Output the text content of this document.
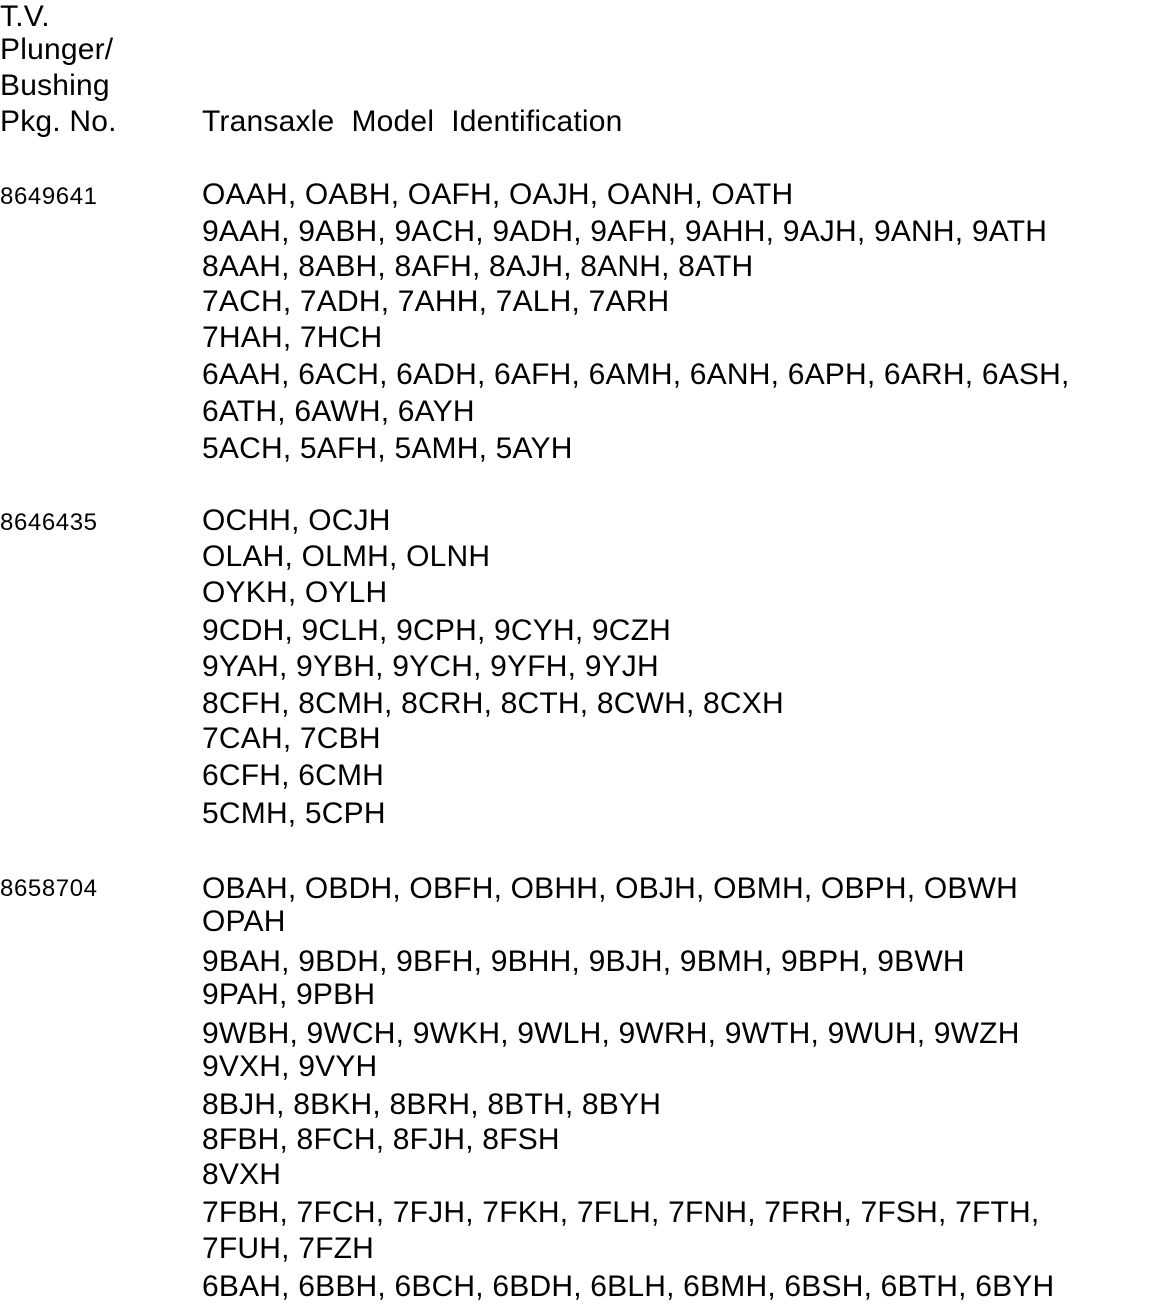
T.V.
Plunger/
Bushing
Pkg. No.	Transaxle  Model  Identification
8649641	OAAH, OABH, OAFH, OAJH, OANH, OATH
9AAH, 9ABH, 9ACH, 9ADH, 9AFH, 9AHH, 9AJH, 9ANH, 9ATH
8AAH, 8ABH, 8AFH, 8AJH, 8ANH, 8ATH
7ACH, 7ADH, 7AHH, 7ALH, 7ARH
7HAH, 7HCH
6AAH, 6ACH, 6ADH, 6AFH, 6AMH, 6ANH, 6APH, 6ARH, 6ASH,
6ATH, 6AWH, 6AYH
5ACH, 5AFH, 5AMH, 5AYH
8646435	OCHH, OCJH
OLAH, OLMH, OLNH
OYKH, OYLH
9CDH, 9CLH, 9CPH, 9CYH, 9CZH
9YAH, 9YBH, 9YCH, 9YFH, 9YJH
8CFH, 8CMH, 8CRH, 8CTH, 8CWH, 8CXH
7CAH, 7CBH
6CFH, 6CMH
5CMH, 5CPH
8658704	OBAH, OBDH, OBFH, OBHH, OBJH, OBMH, OBPH, OBWH
OPAH
9BAH, 9BDH, 9BFH, 9BHH, 9BJH, 9BMH, 9BPH, 9BWH
9PAH, 9PBH
9WBH, 9WCH, 9WKH, 9WLH, 9WRH, 9WTH, 9WUH, 9WZH
9VXH, 9VYH
8BJH, 8BKH, 8BRH, 8BTH, 8BYH
8FBH, 8FCH, 8FJH, 8FSH
8VXH
7FBH, 7FCH, 7FJH, 7FKH, 7FLH, 7FNH, 7FRH, 7FSH, 7FTH,
7FUH, 7FZH
6BAH, 6BBH, 6BCH, 6BDH, 6BLH, 6BMH, 6BSH, 6BTH, 6BYH
